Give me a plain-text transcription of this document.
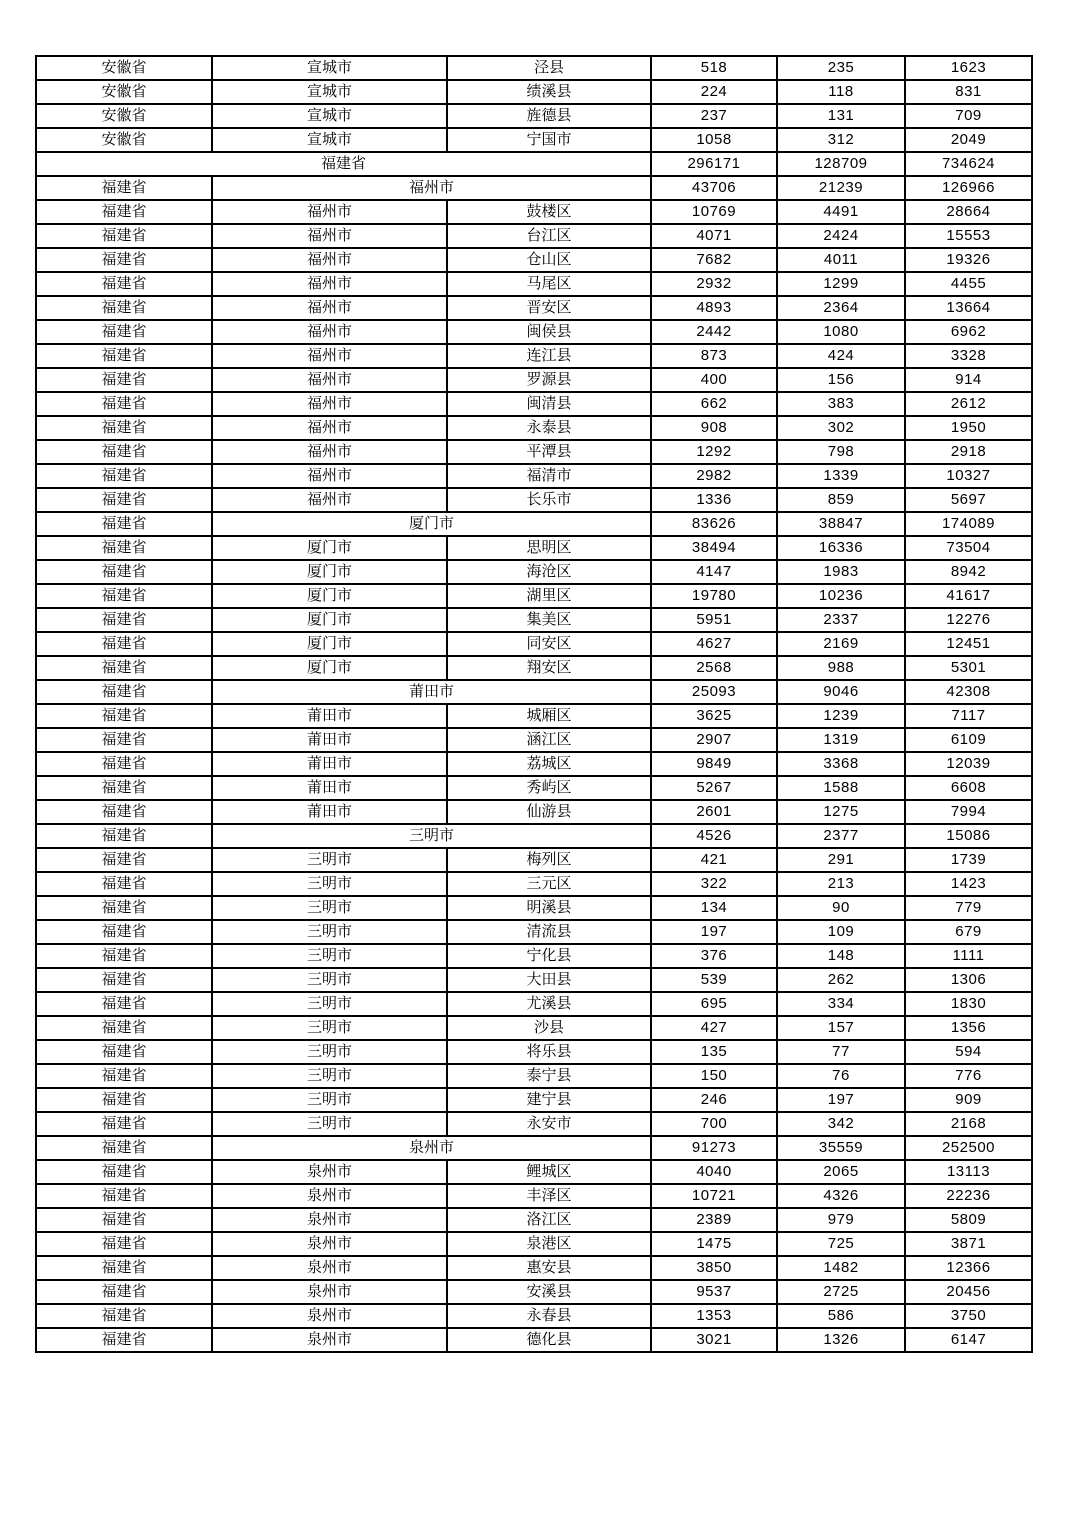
安徽省	宣城市	泾县	518	235	1623
安徽省	宣城市	绩溪县	224	118	831
安徽省	宣城市	旌德县	237	131	709
安徽省	宣城市	宁国市	1058	312	2049
福建省			296171	128709	734624
福建省	福州市		43706	21239	126966
福建省	福州市	鼓楼区	10769	4491	28664
福建省	福州市	台江区	4071	2424	15553
福建省	福州市	仓山区	7682	4011	19326
福建省	福州市	马尾区	2932	1299	4455
福建省	福州市	晋安区	4893	2364	13664
福建省	福州市	闽侯县	2442	1080	6962
福建省	福州市	连江县	873	424	3328
福建省	福州市	罗源县	400	156	914
福建省	福州市	闽清县	662	383	2612
福建省	福州市	永泰县	908	302	1950
福建省	福州市	平潭县	1292	798	2918
福建省	福州市	福清市	2982	1339	10327
福建省	福州市	长乐市	1336	859	5697
福建省	厦门市		83626	38847	174089
福建省	厦门市	思明区	38494	16336	73504
福建省	厦门市	海沧区	4147	1983	8942
福建省	厦门市	湖里区	19780	10236	41617
福建省	厦门市	集美区	5951	2337	12276
福建省	厦门市	同安区	4627	2169	12451
福建省	厦门市	翔安区	2568	988	5301
福建省	莆田市		25093	9046	42308
福建省	莆田市	城厢区	3625	1239	7117
福建省	莆田市	涵江区	2907	1319	6109
福建省	莆田市	荔城区	9849	3368	12039
福建省	莆田市	秀屿区	5267	1588	6608
福建省	莆田市	仙游县	2601	1275	7994
福建省	三明市		4526	2377	15086
福建省	三明市	梅列区	421	291	1739
福建省	三明市	三元区	322	213	1423
福建省	三明市	明溪县	134	90	779
福建省	三明市	清流县	197	109	679
福建省	三明市	宁化县	376	148	1111
福建省	三明市	大田县	539	262	1306
福建省	三明市	尤溪县	695	334	1830
福建省	三明市	沙县	427	157	1356
福建省	三明市	将乐县	135	77	594
福建省	三明市	泰宁县	150	76	776
福建省	三明市	建宁县	246	197	909
福建省	三明市	永安市	700	342	2168
福建省	泉州市		91273	35559	252500
福建省	泉州市	鲤城区	4040	2065	13113
福建省	泉州市	丰泽区	10721	4326	22236
福建省	泉州市	洛江区	2389	979	5809
福建省	泉州市	泉港区	1475	725	3871
福建省	泉州市	惠安县	3850	1482	12366
福建省	泉州市	安溪县	9537	2725	20456
福建省	泉州市	永春县	1353	586	3750
福建省	泉州市	德化县	3021	1326	6147
